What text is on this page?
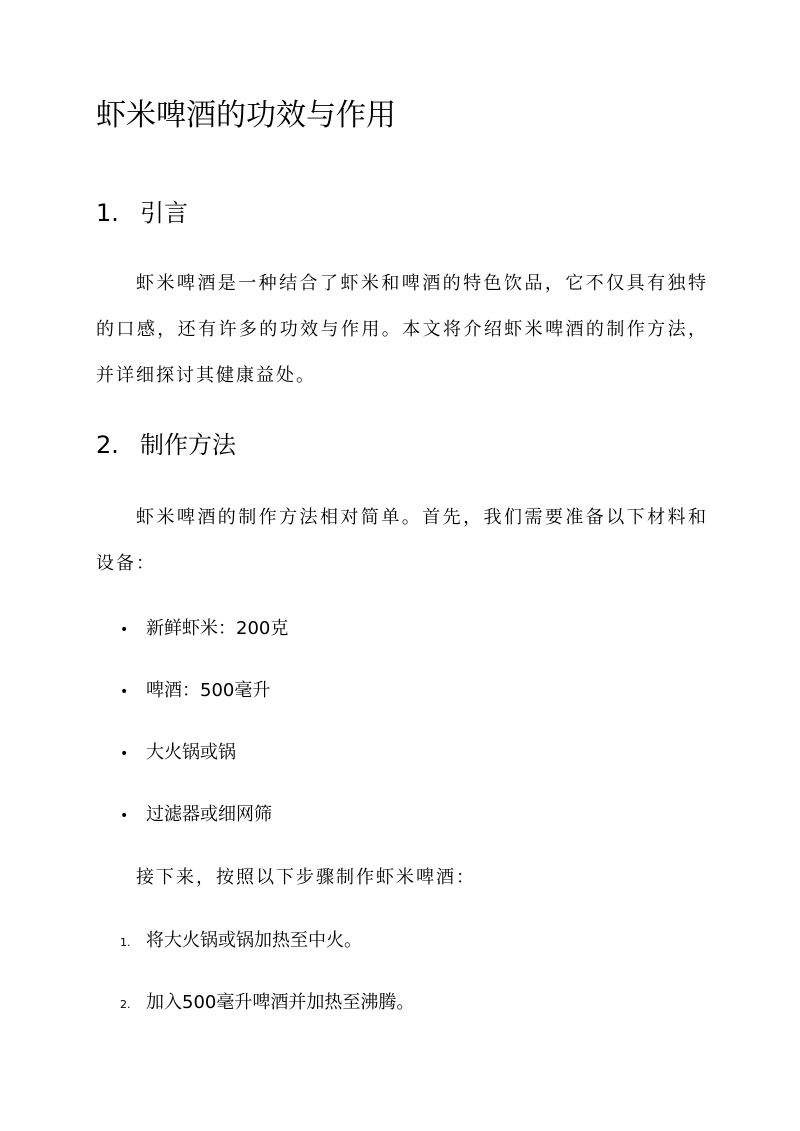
虾米啤酒的功效与作用
1. 引言

虾米啤酒是一种结合了虾米和啤酒的特色饮品，它不仅具有独特的口感，还有许多的功效与作用。本文将介绍虾米啤酒的制作方法，并详细探讨其健康益处。

2. 制作方法

虾米啤酒的制作方法相对简单。首先，我们需要准备以下材料和设备：

• 新鲜虾米：200克
• 啤酒：500毫升
• 大火锅或锅
• 过滤器或细网筛
接下来，按照以下步骤制作虾米啤酒：
1. 将大火锅或锅加热至中火。
2. 加入500毫升啤酒并加热至沸腾。
